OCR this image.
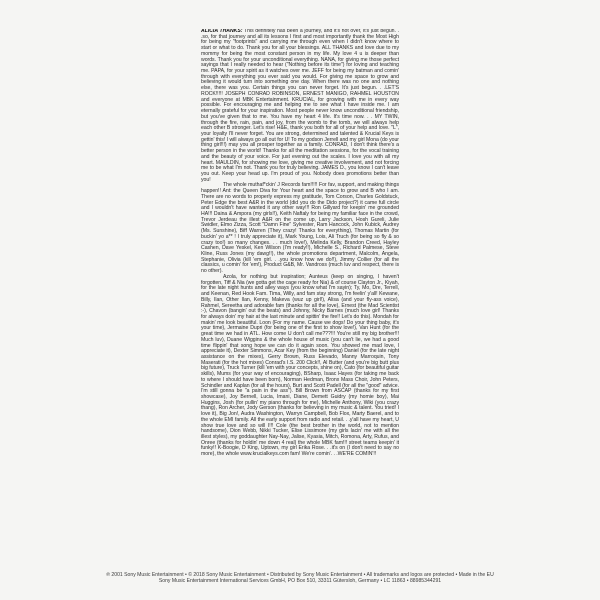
ALICIA THANKS: This definitely has been a journey, and it's not over, it's just begun. . .so, for that journey and all its lessons I first and most importantly thank the Most High for being my "footprints" and carrying me through even when I didn't know where to start or what to do. Thank you for all your blessings. ALL THANKS and love due to my mommy for being the most constant person in my life. My love 4 u is deeper than words. Thank you for your unconditional everything. NANA, for giving me those perfect sayings that I really needed to hear ("Nothing before its time") for loving and teaching me. PAPA, for your spirit as it watches over me. JEFF for being my batman and comin' through with everything you ever said you would. For giving me space to grow and believing it would turn into something one day. When there was no one and nothing else, there was you. Certain things you can never forget. It's just begun. . .LET'S ROCK!!!!! JOSEPH CONRAD ROBINSON, ERNEST MANIGO, RAHMEL HOUSTON and everyone at MBK Entertainment. KRUCIAL, for growing with me in every way possible. For encouraging me and helping me to see what I have inside me. I am eternally grateful for your inspiration. Most people never know unconditional friendship, but you've given that to me. You have my heart 4 life. It's time now. . . MY TWIN, through the fire, rain, pain, and joy, from the womb to the tomb, we will always help each other B stronger. Let's rise! H&E, thank you both for all of your help and love. "L", your loyalty I'll never forget. You are strong, determined and talented & Krucial Keys is gettin' this! I will always go all out for U! To my godson Jerrell and my girl Mona (do your thing girl!!!) may you all prosper together as a family. CONRAD, I don't think there's a better person in the world! Thanks for all the meditation sessions, for the vocal training and the beauty of your voice. For just evening out the scales. I love you with all my heart. MAULDIN, for showing me love, giving me creative involvement, and not forcing me to be what I'm not. Thank you for truly believing. JAMES D., you know I can't leave you out. Keep your head up. I'm proud of you. Nobody does promotions better than you!

The whole muthaf*ckin' J Records fam!!!!! For fav, support, and making things happen!! Ant: the Queen Diva for Your heart and the space to grow and B who I am. There are no words to properly express my gratitude, Tom Corson, Charles Goldstuck, Peter Edge the best A&R in the world (did you do the Dido project?) it came full circle and I wouldn't have wanted it any other way!!! Ron Gillyard for keepin' me grounded HA!!! Daina & Ampora (my girls!!), Keith Naftaly for being my familiar face in the crowd, Trevor Jerdeau the illest A&R on the come up, Larry Jackson, Hosh Gureli, Julie Swidler, Elmo Zizza, Scott "Damn Fine" Sylvester, Ram Hancock, John Kubick, Audrey (Ms. Sunshine), Biff Warren (They crazy! Thanks for everything), Thomas Martin (for buckin' yo a** ! I truly appreciate it), Mark Young, Lois, Ali Truch (for being so fly & so crazy too!) so many changes. . . much love!), Melinda Kelly, Brandon Creed, Hayley Cashen, Dave Yeskel, Ken Wilson (I'm ready!!), Michelle S., Richard Palmese, Steve Kline, Russ Jones (my dawg!!), the whole promotions department, Malcolm, Angela, Stephanie, Olivia (kill 'em girl. . .you know how we do!!), Jimmy Collier (for all the classics, u comin' for 'em!), Product G&B, Mr. Vandross (much luv and respect, there is no other).

Azola, for nothing but inspiration; Aunteus (keep on singing, I haven't forgotten, Tiff & Nia (we gotta get the cage ready for Nia) & of course Clayton Jr., Kiyah, for the late night hunts and alley ways (you know what I'm sayin); Ty, Mo, Dre, Terrell, and Keenan, Red Hook Fam. Tima, Willy, and fam stay strong, I'm feelin' y'all! Kewane, Billy, Ilan, Other Ilan, Kenny, Makeva (wuz up girl!), Alisa (and your fly-ass voice), Rahmel, Sereetha and adorable fam (thanks for all the love), Ernest (the Mad Scientist :-), Chavon (bangin' out the beats) and Johnny, Nicky Barnes (much love girl! Thanks for always doin' my hair at the last minute and spittin' the fire!! Let's do this). Mondah for makin' me look beautiful. Loon (For my name. Cause we dogs! Do your thing baby, it's your time), Jermaine Dupri (for being one of the first to show love!), Van Hunt (for the great time we had in ATL. How come U don't call me???!!! You're still my big brother!!! Much luv), Duane Wiggins & the whole house of music (you can't lie, we had a good time flippin' that song hope we can do it again soon. You showed me mad love, I appreciate it), Dexter Simmons, Acar Key (from the beginning) Daniel (for the late night assistance on the mixes), Gerry Brown, Russ Elevado, Manny Marroquin, Tony Maserati (for the hot mixes) Conrad's I.S. 200 Click!!, Al Butter (and you're big butt plus big future), Truck Turner (kill 'em with your concepts, shine on), Cato (for beautiful guitar skills), Mums (for your way of encouraging), BSharp, Isaac Hayes (for taking me back to where I should have been born), Norman Hedman, Bronx Mass Choir, John Peters, Schindler and Kaplan (for all the hours), Burt and Scott Padell (for all the "good" advice. I'm still gonna be "a pain in the ass"). Bill Brown from ASCAP (thanks for my first showcase), Joy Bernell, Lucia, Imani, Diane, Demett Guidry (my homie boy), Mai Huggins, Josh (for pullin' my piano through for me), Michelle Anthony, Wiki (you crazy thang), Ron Archer, Jody Gerson (thanks for believing in my music & talent. You tried! I love it), Big Jon!, Audra Washington, Warryn Campbell, Bob Flox, Marty Baerel, and to the whole EMI family. All the early support from radio and retail. . .y'all have my heart, U show true love and so will I!!! Cole (the best brother in the world, not to mention handsome), Dion Webb, Nikki Tucker, Elise Lissimore (my girls lacin' me with all the illest styles), my goddaughter Nay-Nay, Jalise, Kyasia, Mitch, Romona, Arty, Rufus, and Onree (thanks for holdin' me down 4 real) the whole MBK fam!!! street teams keepin' it funky!! K-Boogie, D King, Uptown, my girl Erika Rose. . .it's on (I don't need to say no more), the whole www.krucialkeys.com fam! We're comin'. . .WE'RE COMIN'!!

℗ 2001 Sony Music Entertainment • © 2018 Sony Music Entertainment • Distributed by Sony Music Entertainment • All trademarks and logos are protected • Made in the EU
Sony Music Entertainment International Services GmbH, PO Box 510, 33311 Gütersloh, Germany • LC 11863 • 88985344291
